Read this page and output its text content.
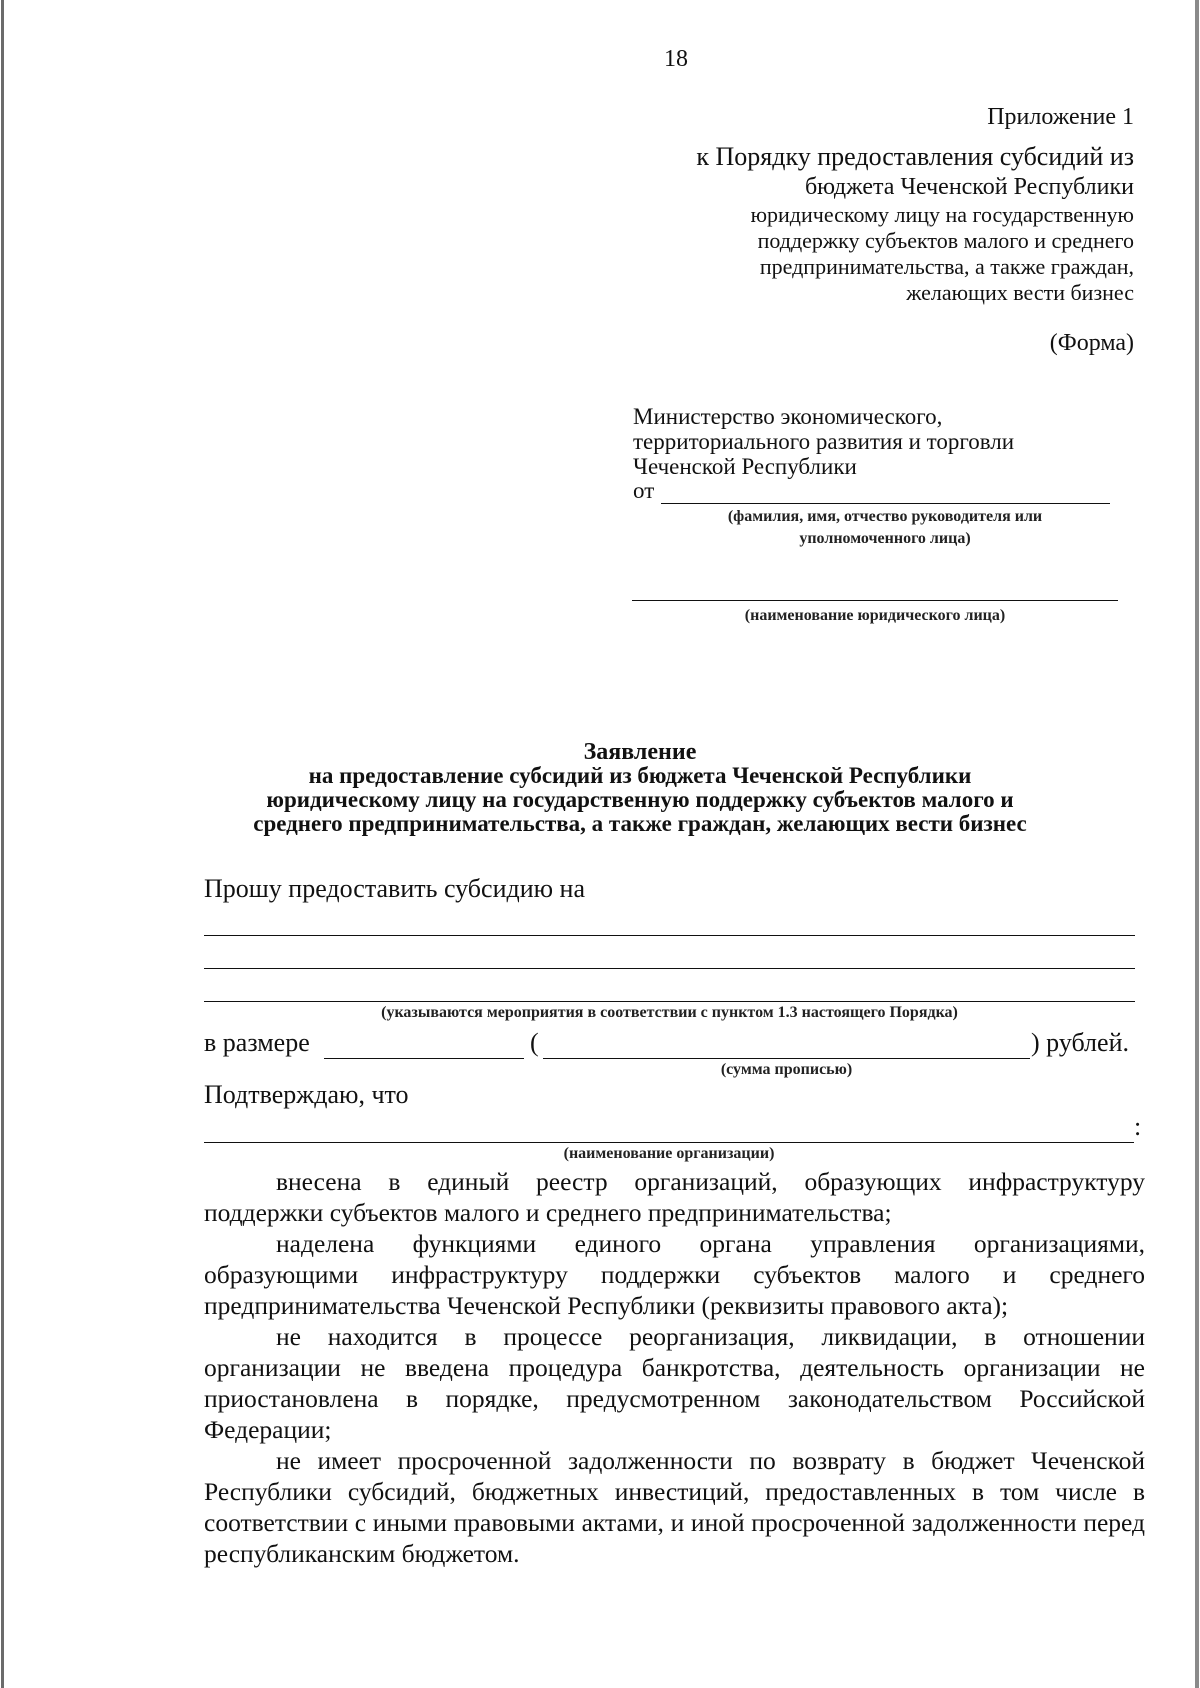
18
Приложение 1
к Порядку предоставления субсидий из
бюджета Чеченской Республики
юридическому лицу на государственную
поддержку субъектов малого и среднего
предпринимательства, а также граждан,
желающих вести бизнес
(Форма)
Министерство экономического,
территориального развития и торговли
Чеченской Республики
от
(фамилия, имя, отчество руководителя или
уполномоченного лица)
(наименование юридического лица)
Заявление
на предоставление субсидий из бюджета Чеченской Республики
юридическому лицу на государственную поддержку субъектов малого и
среднего предпринимательства, а также граждан, желающих вести бизнес
Прошу предоставить субсидию на
(указываются мероприятия в соответствии с пунктом 1.3 настоящего Порядка)
в размере	(	) рублей.
(сумма прописью)
Подтверждаю, что
:
(наименование организации)

внесена в единый реестр организаций, образующих инфраструктуру поддержки субъектов малого и среднего предпринимательства;

наделена функциями единого органа управления организациями, образующими инфраструктуру поддержки субъектов малого и среднего предпринимательства Чеченской Республики (реквизиты правового акта);

не находится в процессе реорганизация, ликвидации, в отношении организации не введена процедура банкротства, деятельность организации не приостановлена в порядке, предусмотренном законодательством Российской Федерации;

не имеет просроченной задолженности по возврату в бюджет Чеченской Республики субсидий, бюджетных инвестиций, предоставленных в том числе в соответствии с иными правовыми актами, и иной просроченной задолженности перед республиканским бюджетом.
